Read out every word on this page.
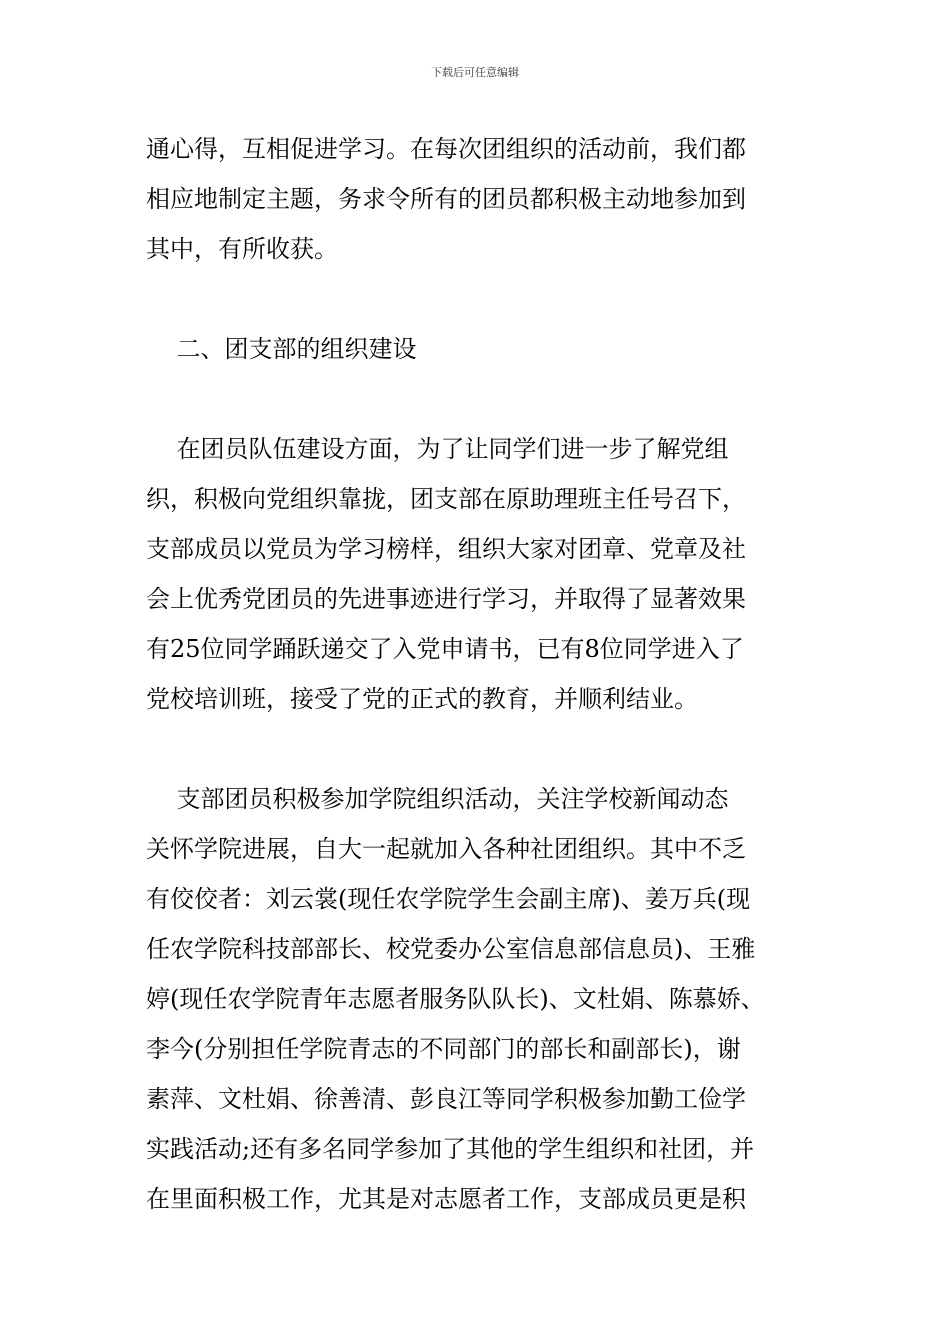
下载后可任意编辑
通心得，互相促进学习。在每次团组织的活动前，我们都
相应地制定主题，务求令所有的团员都积极主动地参加到
其中，有所收获。
二、团支部的组织建设
在团员队伍建设方面，为了让同学们进一步了解党组
织，积极向党组织靠拢，团支部在原助理班主任号召下，
支部成员以党员为学习榜样，组织大家对团章、党章及社
会上优秀党团员的先进事迹进行学习，并取得了显著效果
有25位同学踊跃递交了入党申请书，已有8位同学进入了
党校培训班，接受了党的正式的教育，并顺利结业。
支部团员积极参加学院组织活动，关注学校新闻动态
关怀学院进展，自大一起就加入各种社团组织。其中不乏
有佼佼者：刘云裳(现任农学院学生会副主席)、姜万兵(现
任农学院科技部部长、校党委办公室信息部信息员)、王雅
婷(现任农学院青年志愿者服务队队长)、文杜娟、陈慕娇、
李今(分别担任学院青志的不同部门的部长和副部长)，谢
素萍、文杜娟、徐善清、彭良江等同学积极参加勤工俭学
实践活动;还有多名同学参加了其他的学生组织和社团，并
在里面积极工作，尤其是对志愿者工作，支部成员更是积
